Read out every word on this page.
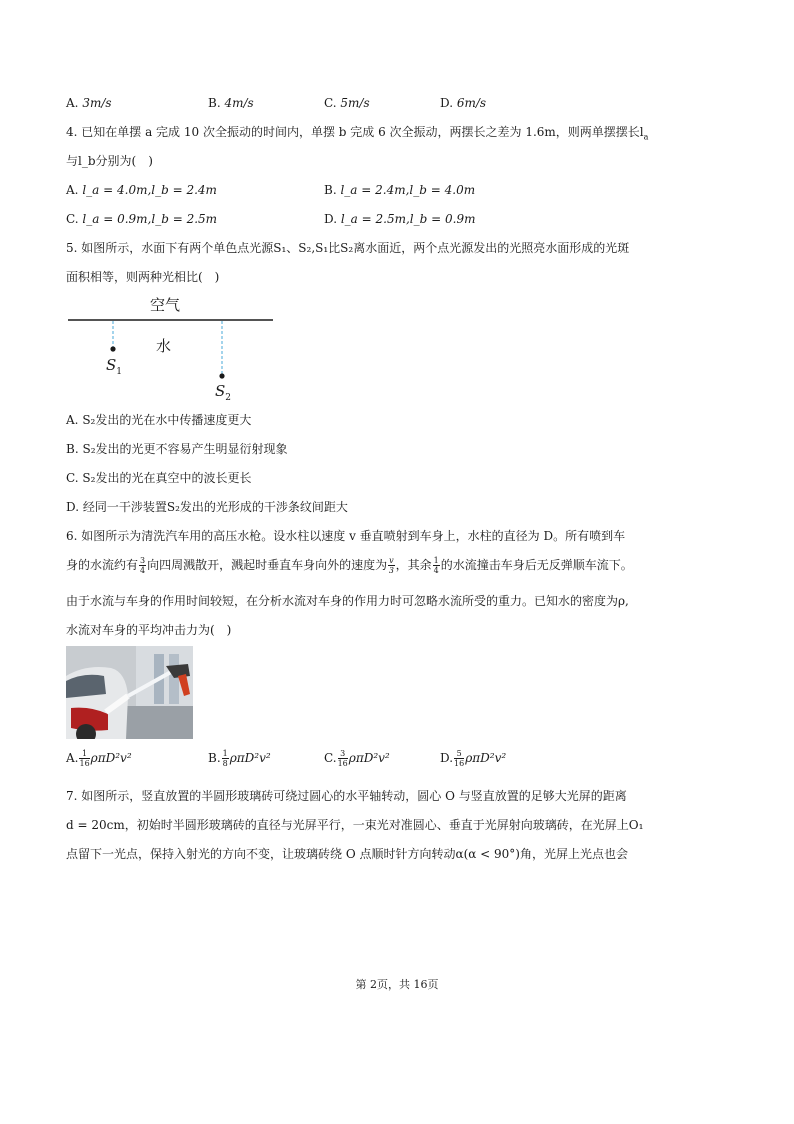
A. 3m/s	B. 4m/s	C. 5m/s	D. 6m/s
4. 已知在单摆 a 完成 10 次全振动的时间内，单摆 b 完成 6 次全振动，两摆长之差为 1.6m，则两单摆摆长$l_a$
与l_b分别为(　)
A. l_a = 4.0m,l_b = 2.4m	B. l_a = 2.4m,l_b = 4.0m
C. l_a = 0.9m,l_b = 2.5m	D. l_a = 2.5m,l_b = 0.9m
5. 如图所示，水面下有两个单色点光源S₁、S₂,S₁比S₂离水面近，两个点光源发出的光照亮水面形成的光斑
面积相等，则两种光相比(　)
空气
水
$S_1$
$S_2$
A. S₂发出的光在水中传播速度更大
B. S₂发出的光更不容易产生明显衍射现象
C. S₂发出的光在真空中的波长更长
D. 经同一干涉装置S₂发出的光形成的干涉条纹间距大
6. 如图所示为清洗汽车用的高压水枪。设水柱以速度 v 垂直喷射到车身上，水柱的直径为 D。所有喷到车
身的水流约有 $\frac{3}{4}$ 向四周溅散开，溅起时垂直车身向外的速度为 $\frac{v}{3}$ ，其余 $\frac{1}{4}$ 的水流撞击车身后无反弹顺车流下。
由于水流与车身的作用时间较短，在分析水流对车身的作用力时可忽略水流所受的重力。已知水的密度为ρ,
水流对车身的平均冲击力为(　)
A. $\frac{1}{16} \rho\pi D^2v^2$	B. $\frac{1}{8} \rho\pi D^2v^2$	C. $\frac{3}{16} \rho\pi D^2v^2$	D. $\frac{5}{16} \rho\pi D^2v^2$
7. 如图所示，竖直放置的半圆形玻璃砖可绕过圆心的水平轴转动，圆心 O 与竖直放置的足够大光屏的距离
d = 20cm，初始时半圆形玻璃砖的直径与光屏平行，一束光对准圆心、垂直于光屏射向玻璃砖，在光屏上O₁
点留下一光点，保持入射光的方向不变，让玻璃砖绕 O 点顺时针方向转动α(α < 90°)角，光屏上光点也会
第 2页，共 16页
